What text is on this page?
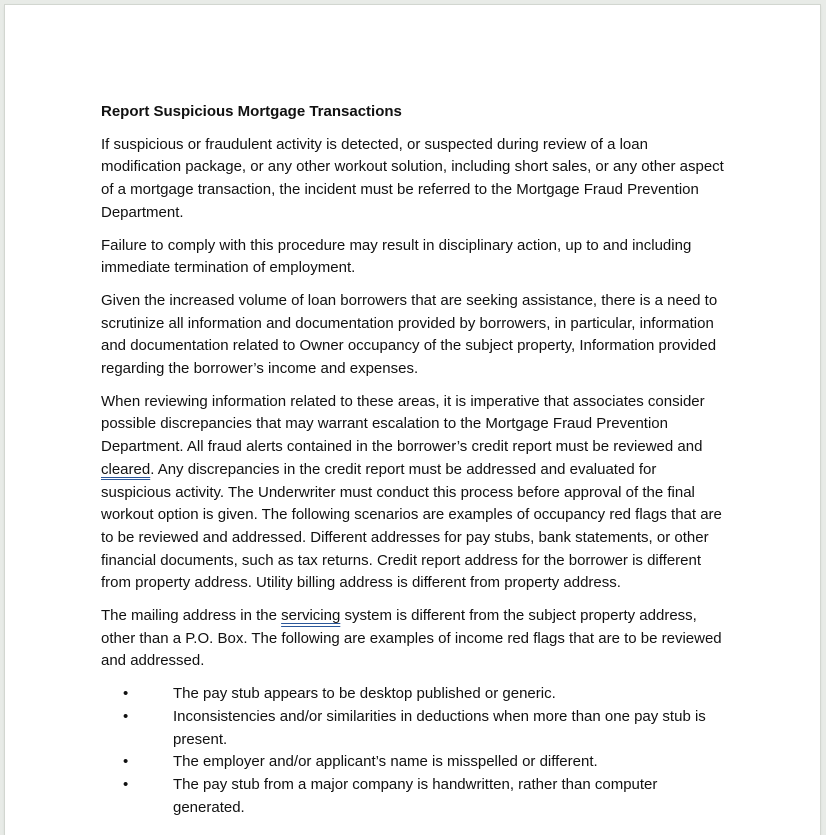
Report Suspicious Mortgage Transactions

If suspicious or fraudulent activity is detected, or suspected during review of a loan modification package, or any other workout solution, including short sales, or any other aspect of a mortgage transaction, the incident must be referred to the Mortgage Fraud Prevention Department.

Failure to comply with this procedure may result in disciplinary action, up to and including immediate termination of employment.

Given the increased volume of loan borrowers that are seeking assistance, there is a need to scrutinize all information and documentation provided by borrowers, in particular, information and documentation related to Owner occupancy of the subject property, Information provided regarding the borrower’s income and expenses.

When reviewing information related to these areas, it is imperative that associates consider possible discrepancies that may warrant escalation to the Mortgage Fraud Prevention Department. All fraud alerts contained in the borrower’s credit report must be reviewed and cleared. Any discrepancies in the credit report must be addressed and evaluated for suspicious activity. The Underwriter must conduct this process before approval of the final workout option is given. The following scenarios are examples of occupancy red flags that are to be reviewed and addressed. Different addresses for pay stubs, bank statements, or other financial documents, such as tax returns. Credit report address for the borrower is different from property address. Utility billing address is different from property address.

The mailing address in the servicing system is different from the subject property address, other than a P.O. Box. The following are examples of income red flags that are to be reviewed and addressed.

•	The pay stub appears to be desktop published or generic.
•	Inconsistencies and/or similarities in deductions when more than one pay stub is present.
•	The employer and/or applicant’s name is misspelled or different.
•	The pay stub from a major company is handwritten, rather than computer generated.
